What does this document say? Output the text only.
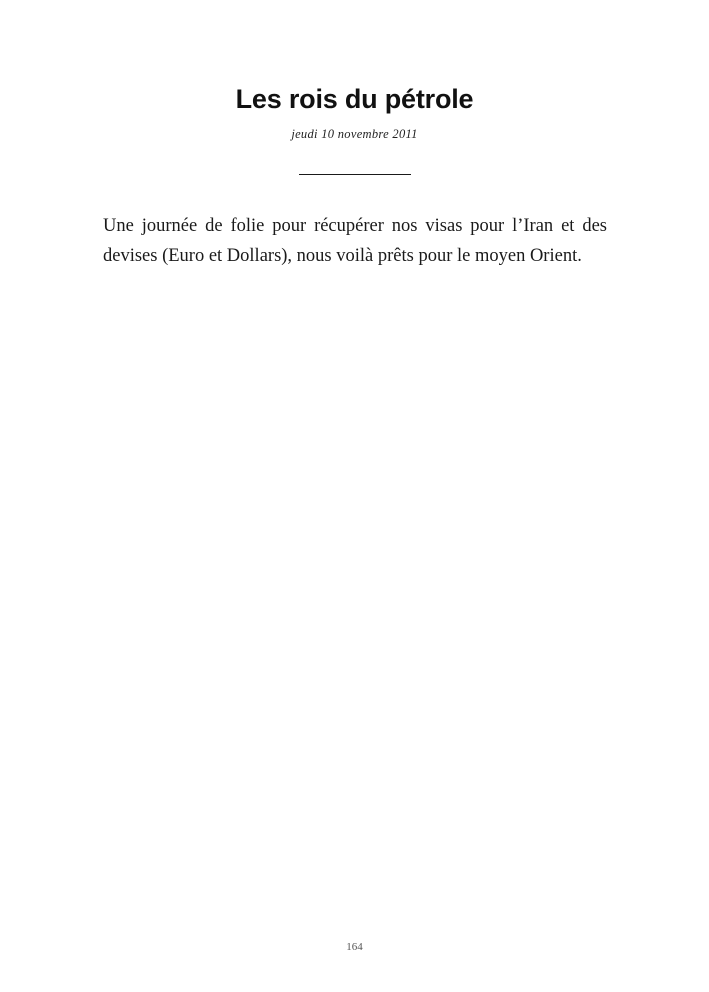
Les rois du pétrole
jeudi 10 novembre 2011

Une journée de folie pour récupérer nos visas pour l’Iran et des devises (Euro et Dollars), nous voilà prêts pour le moyen Orient.

164
